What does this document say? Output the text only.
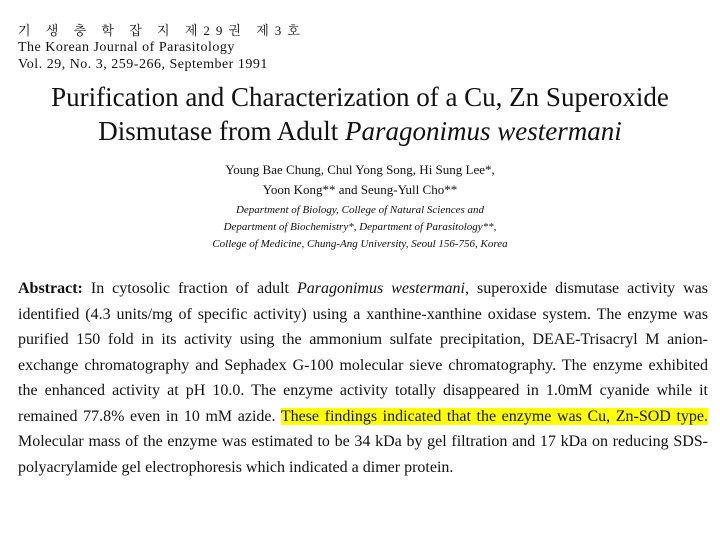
기 생 충 학 잡 지 제29권 제3호
The Korean Journal of Parasitology
Vol. 29, No. 3, 259-266, September 1991
Purification and Characterization of a Cu, Zn Superoxide
Dismutase from Adult Paragonimus westermani
Young Bae Chung, Chul Yong Song, Hi Sung Lee*,
Yoon Kong** and Seung-Yull Cho**
Department of Biology, College of Natural Sciences and
Department of Biochemistry*, Department of Parasitology**,
College of Medicine, Chung-Ang University, Seoul 156-756, Korea
Abstract: In cytosolic fraction of adult Paragonimus westermani, superoxide dismutase activity was identified (4.3 units/mg of specific activity) using a xanthine-xanthine oxidase system. The enzyme was purified 150 fold in its activity using the ammonium sulfate precipitation, DEAE-Trisacryl M anion-exchange chromatography and Sephadex G-100 molecular sieve chromatography. The enzyme exhibited the enhanced activity at pH 10.0. The enzyme activity totally disappeared in 1.0mM cyanide while it remained 77.8% even in 10 mM azide. These findings indicated that the enzyme was Cu, Zn-SOD type. Molecular mass of the enzyme was estimated to be 34 kDa by gel filtration and 17 kDa on reducing SDS-polyacrylamide gel electrophoresis which indicated a dimer protein.
